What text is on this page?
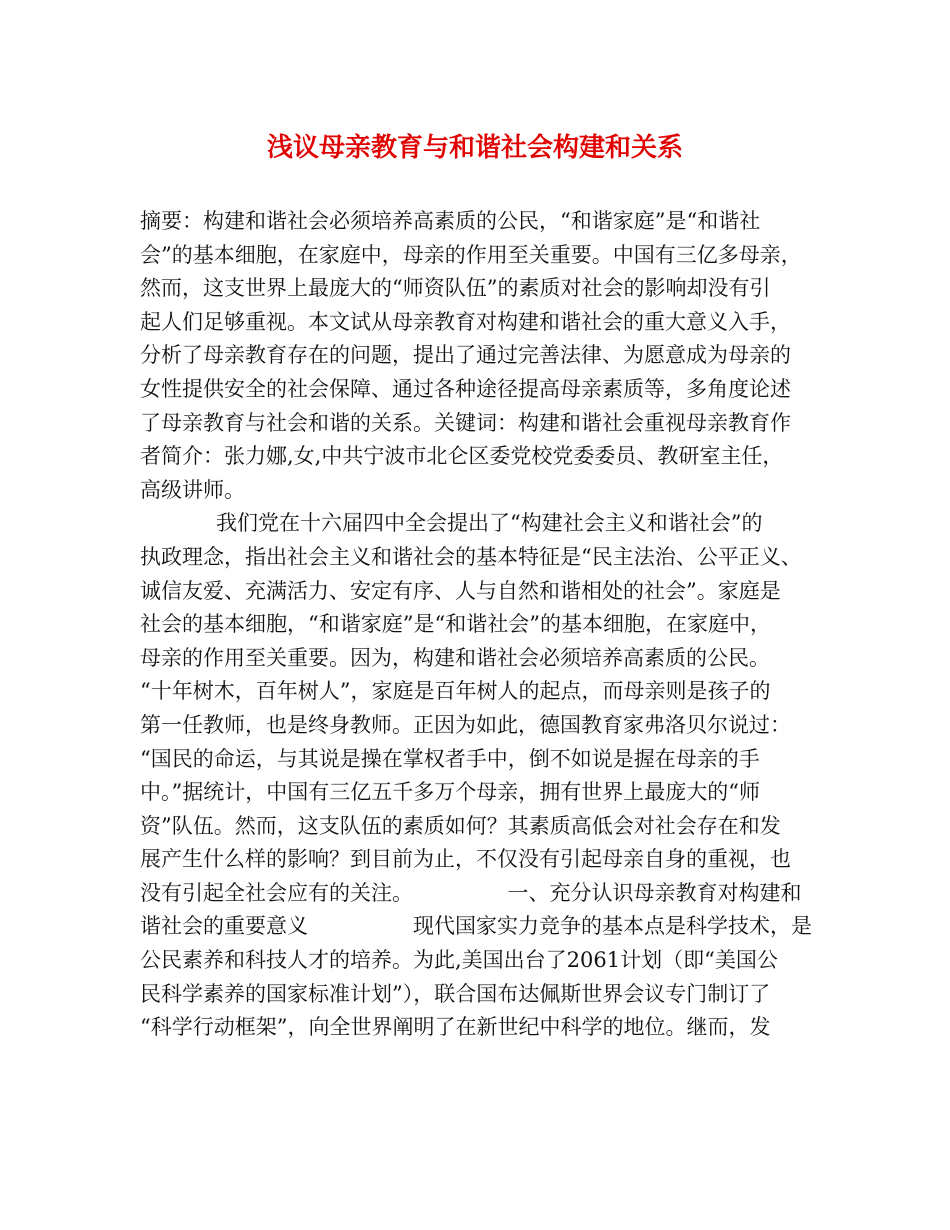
浅议母亲教育与和谐社会构建和关系
摘要：构建和谐社会必须培养高素质的公民，“和谐家庭”是“和谐社
会”的基本细胞，在家庭中，母亲的作用至关重要。中国有三亿多母亲，
然而，这支世界上最庞大的“师资队伍”的素质对社会的影响却没有引
起人们足够重视。本文试从母亲教育对构建和谐社会的重大意义入手，
分析了母亲教育存在的问题，提出了通过完善法律、为愿意成为母亲的
女性提供安全的社会保障、通过各种途径提高母亲素质等，多角度论述
了母亲教育与社会和谐的关系。关键词：构建和谐社会重视母亲教育作
者简介：张力娜,女,中共宁波市北仑区委党校党委委员、教研室主任，
高级讲师。
我们党在十六届四中全会提出了“构建社会主义和谐社会”的
执政理念，指出社会主义和谐社会的基本特征是“民主法治、公平正义、
诚信友爱、充满活力、安定有序、人与自然和谐相处的社会”。家庭是
社会的基本细胞，“和谐家庭”是“和谐社会”的基本细胞，在家庭中，
母亲的作用至关重要。因为，构建和谐社会必须培养高素质的公民。
“十年树木，百年树人”，家庭是百年树人的起点，而母亲则是孩子的
第一任教师，也是终身教师。正因为如此，德国教育家弗洛贝尔说过：
“国民的命运，与其说是操在掌权者手中，倒不如说是握在母亲的手
中。”据统计，中国有三亿五千多万个母亲，拥有世界上最庞大的“师
资”队伍。然而，这支队伍的素质如何？其素质高低会对社会存在和发
展产生什么样的影响？到目前为止，不仅没有引起母亲自身的重视，也
没有引起全社会应有的关注。　　　　　一、充分认识母亲教育对构建和
谐社会的重要意义　　　　　现代国家实力竞争的基本点是科学技术，是
公民素养和科技人才的培养。为此,美国出台了2061计划（即“美国公
民科学素养的国家标准计划”），联合国布达佩斯世界会议专门制订了
“科学行动框架”，向全世界阐明了在新世纪中科学的地位。继而，发
